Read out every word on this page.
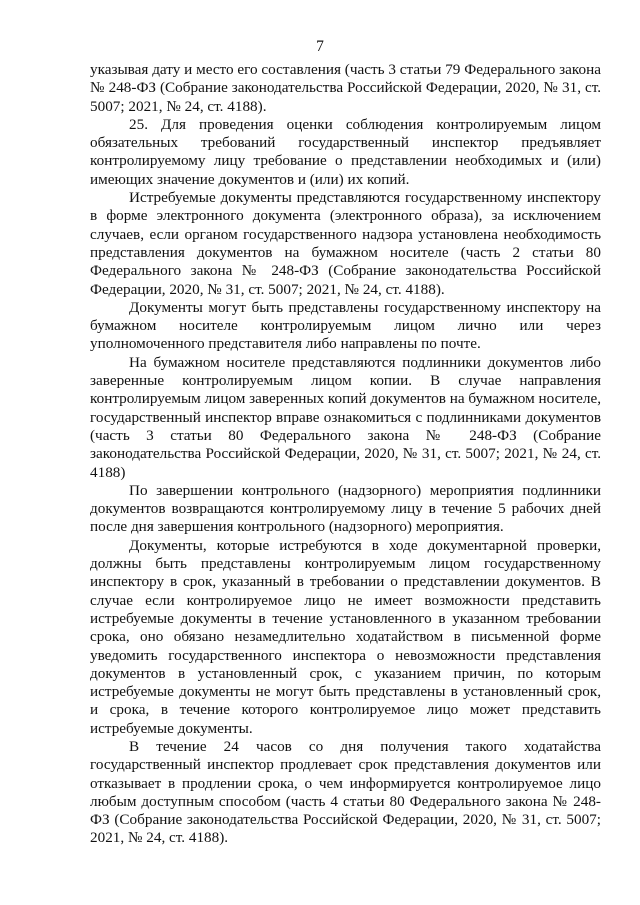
7

указывая дату и место его составления (часть 3 статьи 79 Федерального закона № 248-ФЗ (Собрание законодательства Российской Федерации, 2020, № 31, ст. 5007; 2021, № 24, ст. 4188).

25. Для проведения оценки соблюдения контролируемым лицом обязательных требований государственный инспектор предъявляет контролируемому лицу требование о представлении необходимых и (или) имеющих значение документов и (или) их копий.

Истребуемые документы представляются государственному инспектору в форме электронного документа (электронного образа), за исключением случаев, если органом государственного надзора установлена необходимость представления документов на бумажном носителе (часть 2 статьи 80 Федерального закона № 248-ФЗ (Собрание законодательства Российской Федерации, 2020, № 31, ст. 5007; 2021, № 24, ст. 4188).

Документы могут быть представлены государственному инспектору на бумажном носителе контролируемым лицом лично или через уполномоченного представителя либо направлены по почте.

На бумажном носителе представляются подлинники документов либо заверенные контролируемым лицом копии. В случае направления контролируемым лицом заверенных копий документов на бумажном носителе, государственный инспектор вправе ознакомиться с подлинниками документов (часть 3 статьи 80 Федерального закона № 248-ФЗ (Собрание законодательства Российской Федерации, 2020, № 31, ст. 5007; 2021, № 24, ст. 4188)

По завершении контрольного (надзорного) мероприятия подлинники документов возвращаются контролируемому лицу в течение 5 рабочих дней после дня завершения контрольного (надзорного) мероприятия.

Документы, которые истребуются в ходе документарной проверки, должны быть представлены контролируемым лицом государственному инспектору в срок, указанный в требовании о представлении документов. В случае если контролируемое лицо не имеет возможности представить истребуемые документы в течение установленного в указанном требовании срока, оно обязано незамедлительно ходатайством в письменной форме уведомить государственного инспектора о невозможности представления документов в установленный срок, с указанием причин, по которым истребуемые документы не могут быть представлены в установленный срок, и срока, в течение которого контролируемое лицо может представить истребуемые документы.

В течение 24 часов со дня получения такого ходатайства государственный инспектор продлевает срок представления документов или отказывает в продлении срока, о чем информируется контролируемое лицо любым доступным способом (часть 4 статьи 80 Федерального закона № 248-ФЗ (Собрание законодательства Российской Федерации, 2020, № 31, ст. 5007; 2021, № 24, ст. 4188).
